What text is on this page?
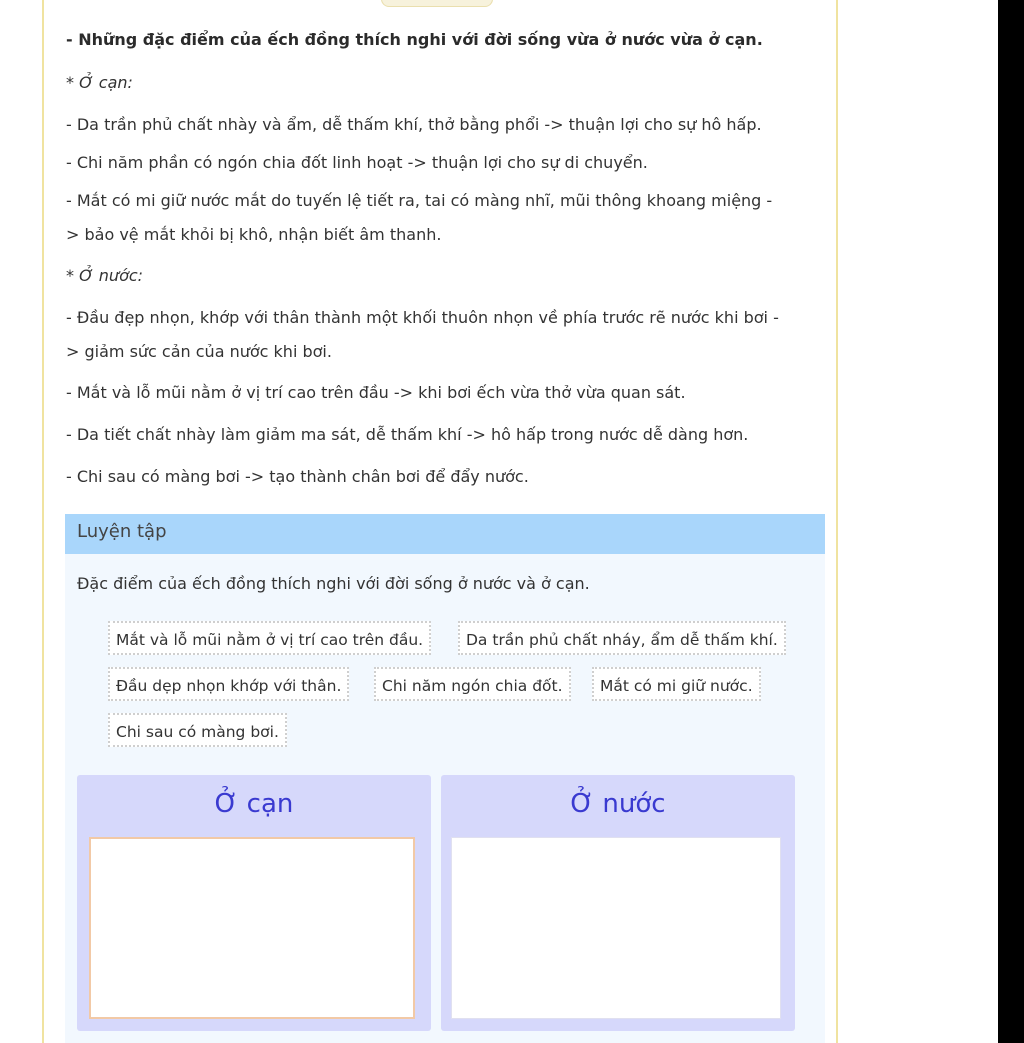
- Những đặc điểm của ếch đồng thích nghi với đời sống vừa ở nước vừa ở cạn.

* Ở cạn:

- Da trần phủ chất nhày và ẩm, dễ thấm khí, thở bằng phổi -> thuận lợi cho sự hô hấp.

- Chi năm phần có ngón chia đốt linh hoạt -> thuận lợi cho sự di chuyển.

- Mắt có mi giữ nước mắt do tuyến lệ tiết ra, tai có màng nhĩ, mũi thông khoang miệng -

> bảo vệ mắt khỏi bị khô, nhận biết âm thanh.

* Ở nước:

- Đầu đẹp nhọn, khớp với thân thành một khối thuôn nhọn về phía trước rẽ nước khi bơi -

> giảm sức cản của nước khi bơi.

- Mắt và lỗ mũi nằm ở vị trí cao trên đầu -> khi bơi ếch vừa thở vừa quan sát.

- Da tiết chất nhày làm giảm ma sát, dễ thấm khí -> hô hấp trong nước dễ dàng hơn.

- Chi sau có màng bơi -> tạo thành chân bơi để đẩy nước.

Luyện tập
Đặc điểm của ếch đồng thích nghi với đời sống ở nước và ở cạn.
Mắt và lỗ mũi nằm ở vị trí cao trên đầu.	Da trần phủ chất nháy, ẩm dễ thấm khí.
Đầu dẹp nhọn khớp với thân.	Chi năm ngón chia đốt.	Mắt có mi giữ nước.
Chi sau có màng bơi.
Ở cạn	Ở nước
